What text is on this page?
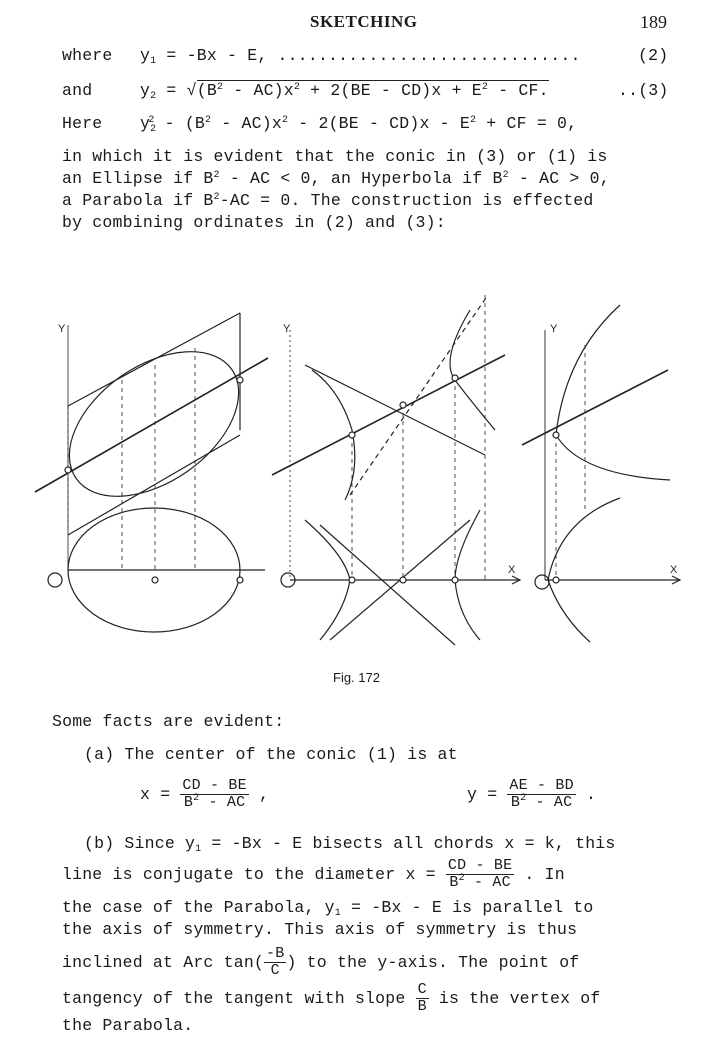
SKETCHING	189
where $y_1 = -Bx - E$, ..............................	(2)
and	$y_2 = √(B^2 - AC)x^2 + 2(BE - CD)x + E^2$ - CF.	..(3)
Here $y_2^2 - (B^2 - AC)x^2 - 2(BE - CD)x - E^2$ + CF = 0,
in which it is evident that the conic in (3) or (1) is
an Ellipse if $B^2$ - AC < 0, an Hyperbola if $B^2$ - AC > 0,
a Parabola if $B^2-AC = 0$. The construction is effected
by combining ordinates in (2) and (3):
Y	Y	Y
X	X
Fig. 172
Some facts are evident:
(a) The center of the conic (1) is at
$x = \frac{CD - BE}{B^2 - AC}$ ,	$y = \frac{AE - BD}{B^2 - AC}$ .
(b) Since $y_1 = -Bx - E$ bisects all chords x = k, this
line is conjugate to the diameter $x = \frac{CD - BE}{B^2 - AC}$ . In
the case of the Parabola, $y_1 = -Bx - E$ is parallel to
the axis of symmetry. This axis of symmetry is thus
inclined at Arc $\tan( \frac{-B}{C}$ ) to the y-axis. The point of
tangency of the tangent with slope $\frac{C}{B}$ is the vertex of
the Parabola.
